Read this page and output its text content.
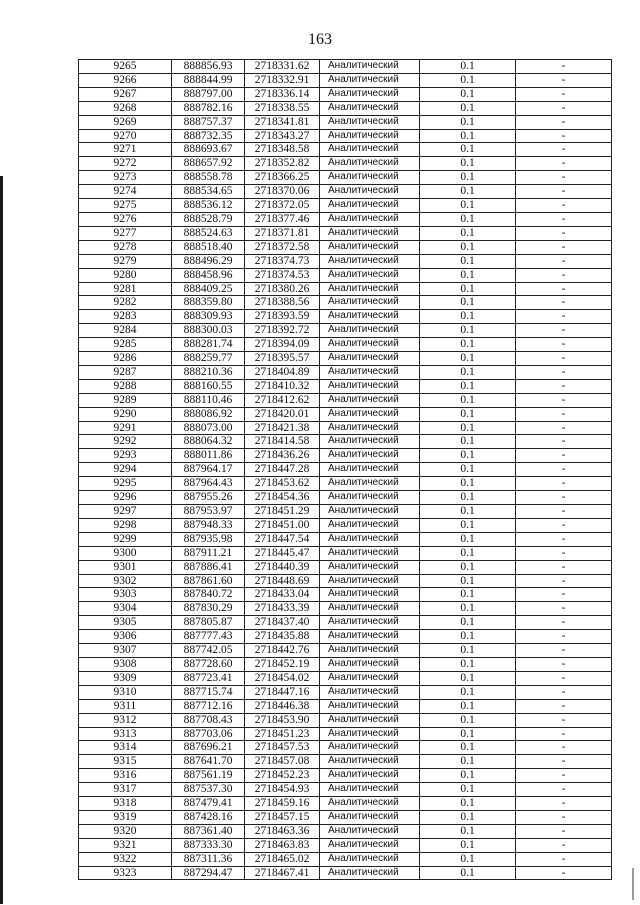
163
9265	888856.93	2718331.62	Аналитический	0.1	-
9266	888844.99	2718332.91	Аналитический	0.1	-
9267	888797.00	2718336.14	Аналитический	0.1	-
9268	888782.16	2718338.55	Аналитический	0.1	-
9269	888757.37	2718341.81	Аналитический	0.1	-
9270	888732.35	2718343.27	Аналитический	0.1	-
9271	888693.67	2718348.58	Аналитический	0.1	-
9272	888657.92	2718352.82	Аналитический	0.1	-
9273	888558.78	2718366.25	Аналитический	0.1	-
9274	888534.65	2718370.06	Аналитический	0.1	-
9275	888536.12	2718372.05	Аналитический	0.1	-
9276	888528.79	2718377.46	Аналитический	0.1	-
9277	888524.63	2718371.81	Аналитический	0.1	-
9278	888518.40	2718372.58	Аналитический	0.1	-
9279	888496.29	2718374.73	Аналитический	0.1	-
9280	888458.96	2718374.53	Аналитический	0.1	-
9281	888409.25	2718380.26	Аналитический	0.1	-
9282	888359.80	2718388.56	Аналитический	0.1	-
9283	888309.93	2718393.59	Аналитический	0.1	-
9284	888300.03	2718392.72	Аналитический	0.1	-
9285	888281.74	2718394.09	Аналитический	0.1	-
9286	888259.77	2718395.57	Аналитический	0.1	-
9287	888210.36	2718404.89	Аналитический	0.1	-
9288	888160.55	2718410.32	Аналитический	0.1	-
9289	888110.46	2718412.62	Аналитический	0.1	-
9290	888086.92	2718420.01	Аналитический	0.1	-
9291	888073.00	2718421.38	Аналитический	0.1	-
9292	888064.32	2718414.58	Аналитический	0.1	-
9293	888011.86	2718436.26	Аналитический	0.1	-
9294	887964.17	2718447.28	Аналитический	0.1	-
9295	887964.43	2718453.62	Аналитический	0.1	-
9296	887955.26	2718454.36	Аналитический	0.1	-
9297	887953.97	2718451.29	Аналитический	0.1	-
9298	887948.33	2718451.00	Аналитический	0.1	-
9299	887935.98	2718447.54	Аналитический	0.1	-
9300	887911.21	2718445.47	Аналитический	0.1	-
9301	887886.41	2718440.39	Аналитический	0.1	-
9302	887861.60	2718448.69	Аналитический	0.1	-
9303	887840.72	2718433.04	Аналитический	0.1	-
9304	887830.29	2718433.39	Аналитический	0.1	-
9305	887805.87	2718437.40	Аналитический	0.1	-
9306	887777.43	2718435.88	Аналитический	0.1	-
9307	887742.05	2718442.76	Аналитический	0.1	-
9308	887728.60	2718452.19	Аналитический	0.1	-
9309	887723.41	2718454.02	Аналитический	0.1	-
9310	887715.74	2718447.16	Аналитический	0.1	-
9311	887712.16	2718446.38	Аналитический	0.1	-
9312	887708.43	2718453.90	Аналитический	0.1	-
9313	887703.06	2718451.23	Аналитический	0.1	-
9314	887696.21	2718457.53	Аналитический	0.1	-
9315	887641.70	2718457.08	Аналитический	0.1	-
9316	887561.19	2718452.23	Аналитический	0.1	-
9317	887537.30	2718454.93	Аналитический	0.1	-
9318	887479.41	2718459.16	Аналитический	0.1	-
9319	887428.16	2718457.15	Аналитический	0.1	-
9320	887361.40	2718463.36	Аналитический	0.1	-
9321	887333.30	2718463.83	Аналитический	0.1	-
9322	887311.36	2718465.02	Аналитический	0.1	-
9323	887294.47	2718467.41	Аналитический	0.1	-
